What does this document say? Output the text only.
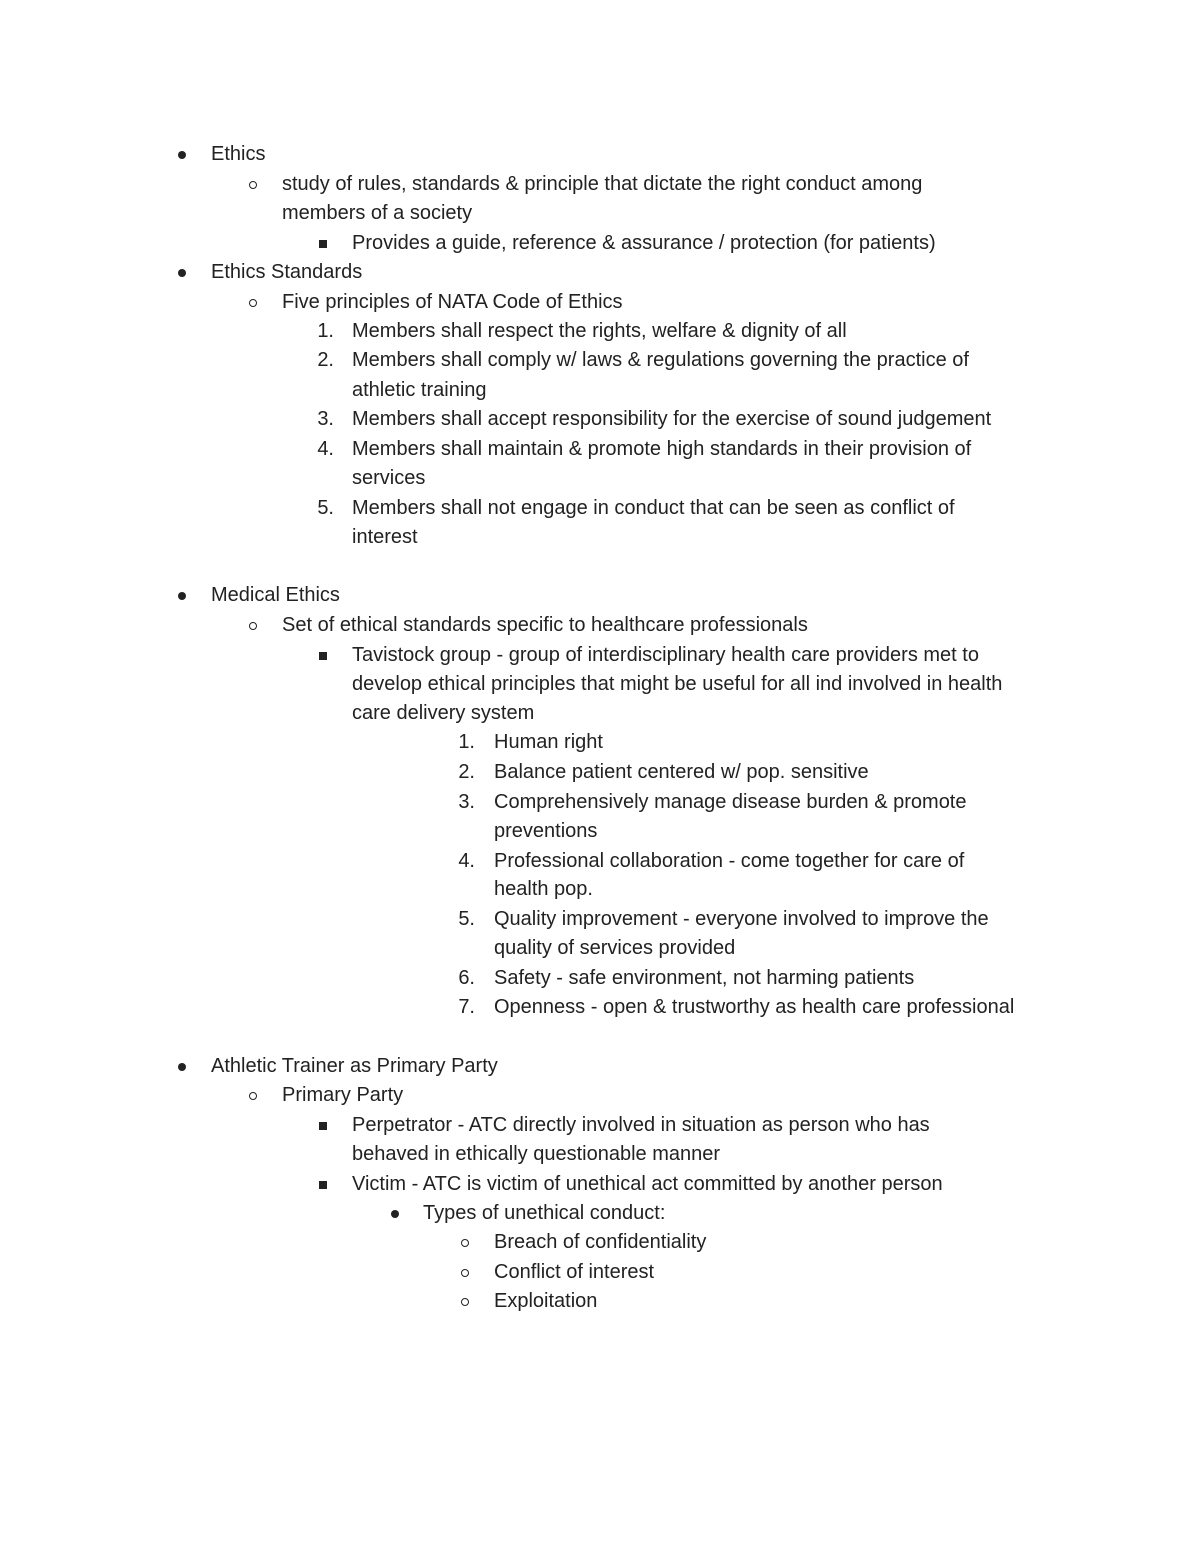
Ethics
study of rules, standards & principle that dictate the right conduct among
members of a society
Provides a guide, reference & assurance / protection (for patients)
Ethics Standards
Five principles of NATA Code of Ethics
1. Members shall respect the rights, welfare & dignity of all
2. Members shall comply w/ laws & regulations governing the practice of
athletic training
3. Members shall accept responsibility for the exercise of sound judgement
4. Members shall maintain & promote high standards in their provision of
services
5. Members shall not engage in conduct that can be seen as conflict of
interest
Medical Ethics
Set of ethical standards specific to healthcare professionals
Tavistock group - group of interdisciplinary health care providers met to
develop ethical principles that might be useful for all ind involved in health
care delivery system
1. Human right
2. Balance patient centered w/ pop. sensitive
3. Comprehensively manage disease burden & promote
preventions
4. Professional collaboration - come together for care of
health pop.
5. Quality improvement - everyone involved to improve the
quality of services provided
6. Safety - safe environment, not harming patients
7. Openness - open & trustworthy as health care professional
Athletic Trainer as Primary Party
Primary Party
Perpetrator - ATC directly involved in situation as person who has
behaved in ethically questionable manner
Victim - ATC is victim of unethical act committed by another person
Types of unethical conduct:
Breach of confidentiality
Conflict of interest
Exploitation
